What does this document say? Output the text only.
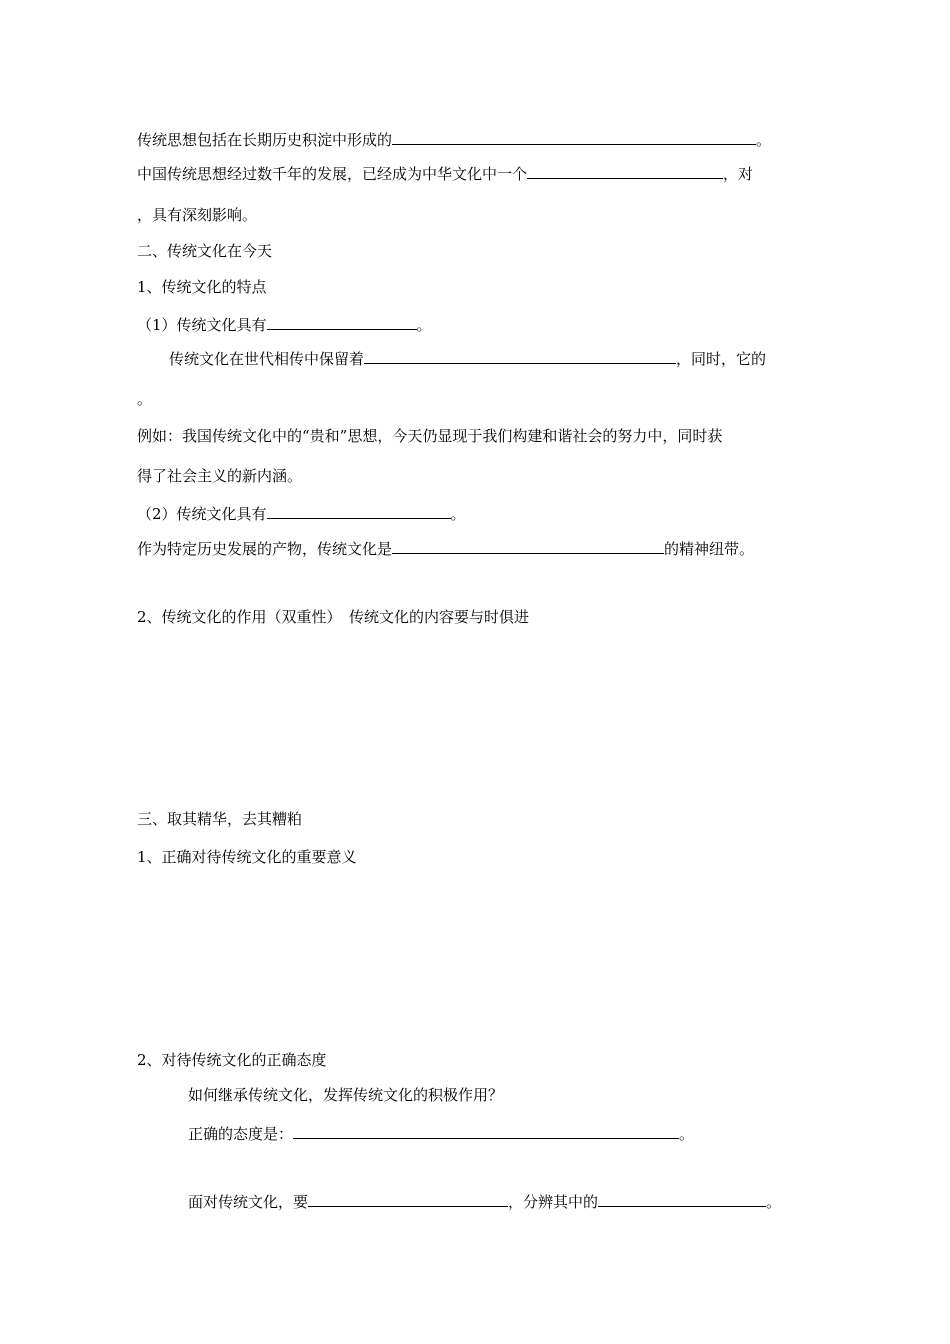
传统思想包括在长期历史积淀中形成的	。
中国传统思想经过数千年的发展，已经成为中华文化中一个	，对
，具有深刻影响。
二、传统文化在今天
1、传统文化的特点
（1）传统文化具有	。
传统文化在世代相传中保留着	，同时，它的
。
例如：我国传统文化中的“贵和”思想，今天仍显现于我们构建和谐社会的努力中，同时获
得了社会主义的新内涵。
（2）传统文化具有	。
作为特定历史发展的产物，传统文化是	的精神纽带。
2、传统文化的作用（双重性）　传统文化的内容要与时俱进
三、取其精华，去其糟粕
1、正确对待传统文化的重要意义
2、对待传统文化的正确态度
如何继承传统文化，发挥传统文化的积极作用？
正确的态度是：	。
面对传统文化，要	，分辨其中的	。
